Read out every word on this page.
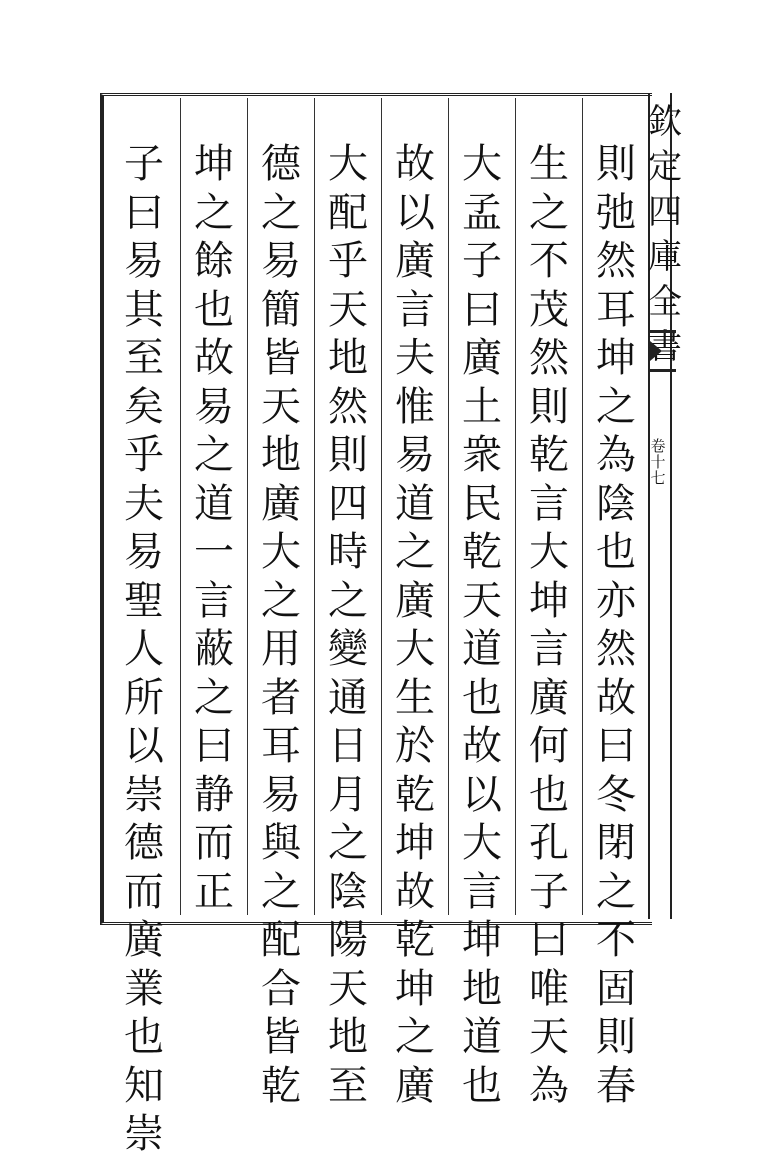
則
弛
然
耳
坤
之
為
陰
也
亦
然
故
曰
冬
閉
之
不
固
則
春
生
之
不
茂
然
則
乾
言
大
坤
言
廣
何
也
孔
子
曰
唯
天
為
大
孟
子
曰
廣
土
衆
民
乾
天
道
也
故
以
大
言
坤
地
道
也
故
以
廣
言
夫
惟
易
道
之
廣
大
生
於
乾
坤
故
乾
坤
之
廣
大
配
乎
天
地
然
則
四
時
之
變
通
日
月
之
陰
陽
天
地
至
德
之
易
簡
皆
天
地
廣
大
之
用
者
耳
易
與
之
配
合
皆
乾
坤
之
餘
也
故
易
之
道
一
言
蔽
之
曰
静
而
正
子
曰
易
其
至
矣
乎
夫
易
聖
人
所
以
崇
德
而
廣
業
也
知
崇
欽
定
四
庫
全
書
卷
十
七
